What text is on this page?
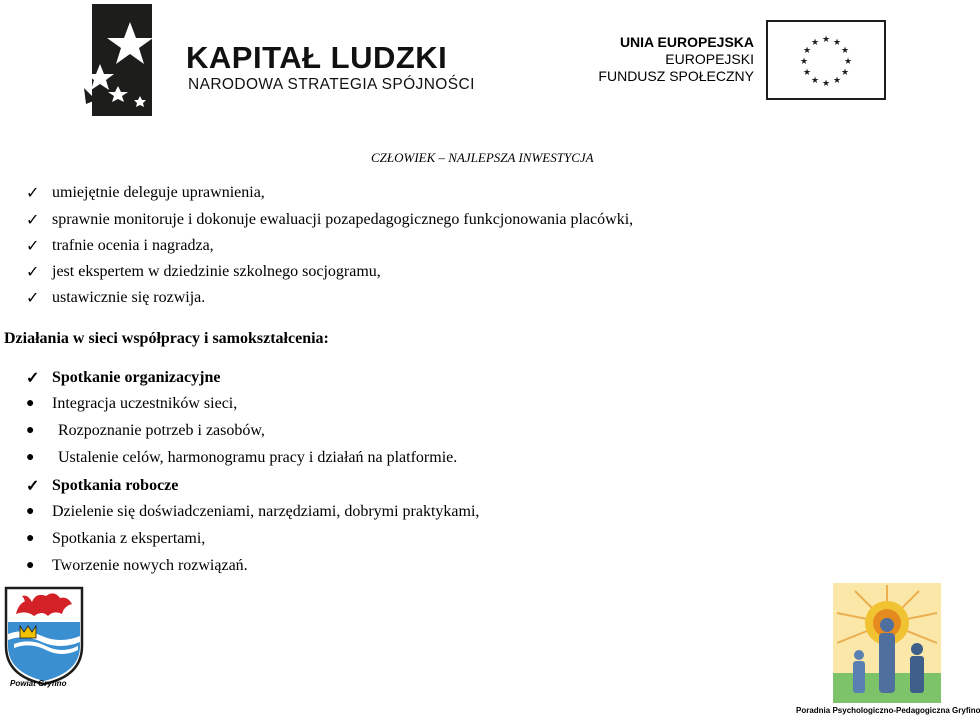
KAPITAŁ LUDZKI
NARODOWA STRATEGIA SPÓJNOŚCI
UNIA EUROPEJSKA
EUROPEJSKI
FUNDUSZ SPOŁECZNY
★ ★
★
★
★
★
★
★
★
★
★
★
CZŁOWIEK – NAJLEPSZA INWESTYCJA
✓ umiejętnie deleguje uprawnienia,
✓ sprawnie monitoruje i dokonuje ewaluacji pozapedagogicznego funkcjonowania placówki,
✓ trafnie ocenia i nagradza,
✓ jest ekspertem w dziedzinie szkolnego socjogramu,
✓ ustawicznie się rozwija.
Działania w sieci współpracy i samokształcenia:
✓ Spotkanie organizacyjne
●	Integracja uczestników sieci,
●	Rozpoznanie potrzeb i zasobów,
●	Ustalenie celów, harmonogramu pracy i działań na platformie.
✓ Spotkania robocze
●	Dzielenie się doświadczeniami, narzędziami, dobrymi praktykami,
●	Spotkania z ekspertami,
●	Tworzenie nowych rozwiązań.
Powiat Gryfino
Poradnia Psychologiczno-Pedagogiczna Gryfino
